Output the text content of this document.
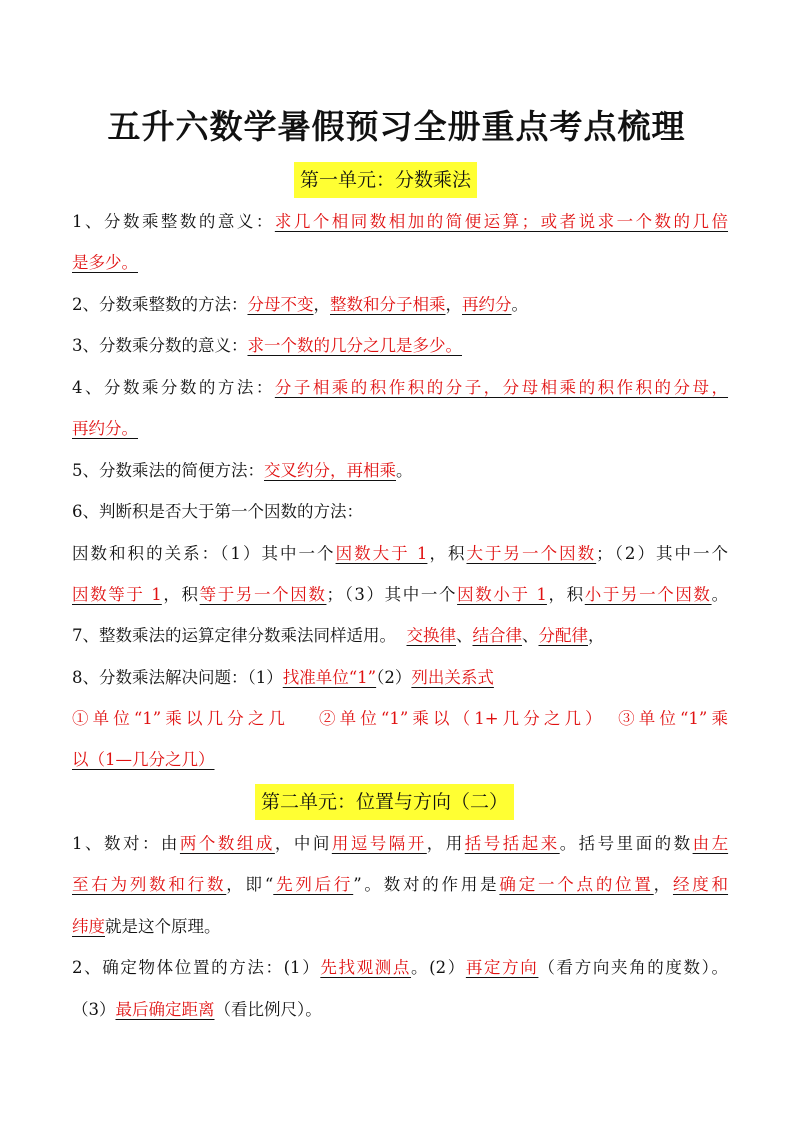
五升六数学暑假预习全册重点考点梳理
第一单元：分数乘法
1、分数乘整数的意义：求几个相同数相加的简便运算；或者说求一个数的几倍
是多少。
2、分数乘整数的方法：分母不变，整数和分子相乘，再约分。
3、分数乘分数的意义：求一个数的几分之几是多少。
4、分数乘分数的方法：分子相乘的积作积的分子，分母相乘的积作积的分母，
再约分。
5、分数乘法的简便方法：交叉约分，再相乘。
6、判断积是否大于第一个因数的方法：
因数和积的关系：（1）其中一个因数大于 1，积大于另一个因数；（2）其中一个
因数等于 1，积等于另一个因数；（3）其中一个因数小于 1，积小于另一个因数。
7、整数乘法的运算定律分数乘法同样适用。 交换律、结合律、分配律，
8、分数乘法解决问题：（1）找准单位“1”（2）列出关系式
①单位“1”乘以几分之几　 ②单位“1”乘以（1+几分之几）　③单位“1”乘
以（1—几分之几）
第二单元：位置与方向（二）
1、数对：由两个数组成，中间用逗号隔开，用括号括起来。括号里面的数由左
至右为列数和行数，即“先列后行”。数对的作用是确定一个点的位置，经度和
纬度就是这个原理。
2、确定物体位置的方法：(1）先找观测点。(2）再定方向（看方向夹角的度数）。
（3）最后确定距离（看比例尺）。
